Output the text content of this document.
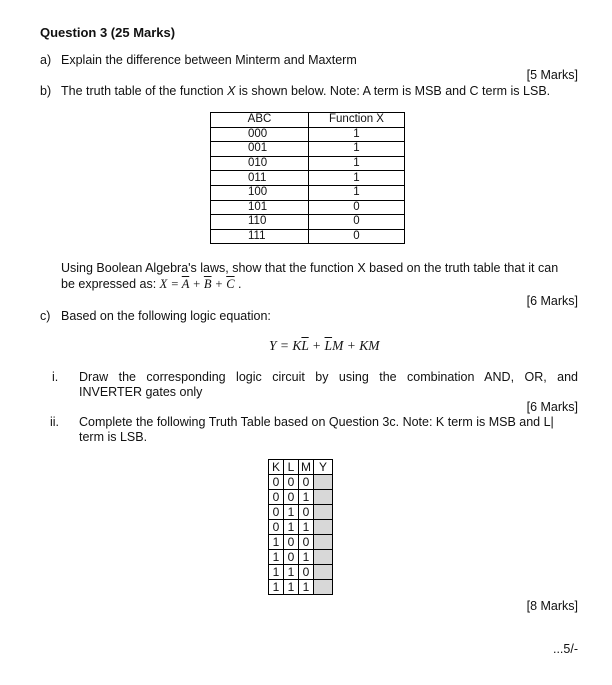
Question 3 (25 Marks)
a) Explain the difference between Minterm and Maxterm
[5 Marks]
b) The truth table of the function X is shown below. Note: A term is MSB and C term is LSB.
ABC	Function X
000	1
001	1
010	1
011	1
100	1
101	0
110	0
111	0
Using Boolean Algebra's laws, show that the function X based on the truth table that it can
be expressed as: $X = \overline{A} + \overline{B} + \overline{C}$ .
[6 Marks]
c) Based on the following logic equation:
$Y = K\overline{L} + \overline{L}M$ + KM
i. Draw the corresponding logic circuit by using the combination AND, OR, and
INVERTER gates only
[6 Marks]
ii. Complete the following Truth Table based on Question 3c. Note: K term is MSB and L|
term is LSB.
K	L	M	Y
0	0	0	
0	0	1	
0	1	0	
0	1	1	
1	0	0	
1	0	1	
1	1	0	
1	1	1	
[8 Marks]
...5/-
